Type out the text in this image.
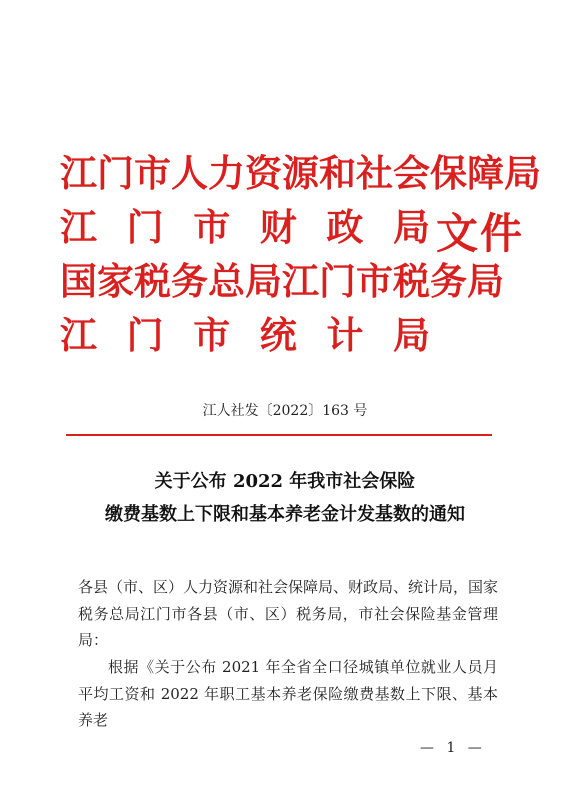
江 门 市 人 力 资 源 和 社 会 保 障 局
江 门 市 财 政 局
国 家 税 务 总 局 江 门 市 税 务 局
江 门 市 统 计 局
文件
江人社发〔2022〕163 号
关于公布 2022 年我市社会保险
缴费基数上下限和基本养老金计发基数的通知
各县（市、区）人力资源和社会保障局、财政局、统计局，国家税务总局江门市各县（市、区）税务局，市社会保险基金管理局：
根据《关于公布 2021 年全省全口径城镇单位就业人员月平均工资和 2022 年职工基本养老保险缴费基数上下限、基本养老
— 1 —
